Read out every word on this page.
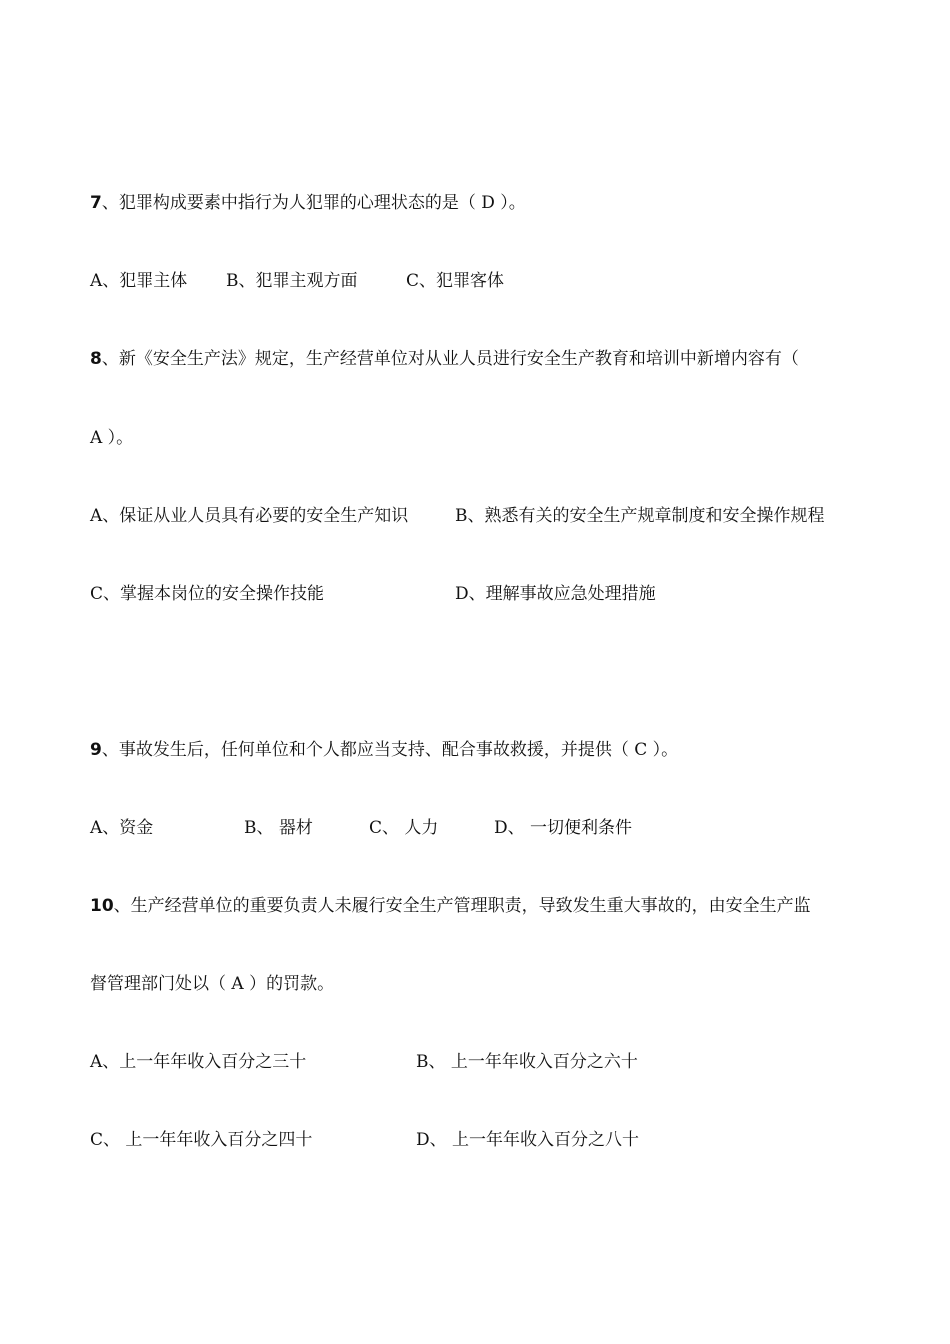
7、犯罪构成要素中指行为人犯罪的心理状态的是（ D ）。
A、犯罪主体 B、犯罪主观方面	C、犯罪客体
8、新《安全生产法》规定，生产经营单位对从业人员进行安全生产教育和培训中新增内容有（
A ）。
A、保证从业人员具有必要的安全生产知识	B、熟悉有关的安全生产规章制度和安全操作规程
C、掌握本岗位的安全操作技能	D、理解事故应急处理措施
9、事故发生后，任何单位和个人都应当支持、配合事故救援，并提供（ C ）。
A、资金	B、 器材	C、 人力	D、 一切便利条件
10、生产经营单位的重要负责人未履行安全生产管理职责，导致发生重大事故的，由安全生产监
督管理部门处以（ A ）的罚款。
A、上一年年收入百分之三十	B、 上一年年收入百分之六十
C、 上一年年收入百分之四十	D、 上一年年收入百分之八十
